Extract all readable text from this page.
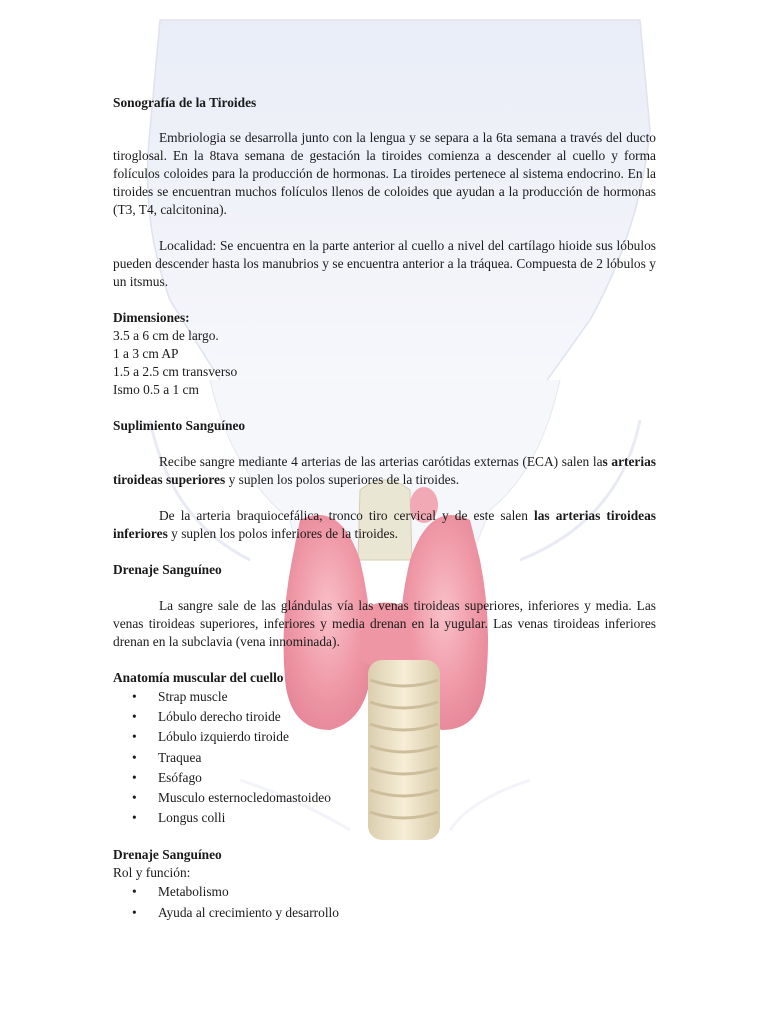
Sonografía de la Tiroides

Embriologia se desarrolla junto con la lengua y se separa a la 6ta semana a través del ducto tiroglosal. En la 8tava semana de gestación la tiroides comienza a descender al cuello y forma folículos coloides para la producción de hormonas. La tiroides pertenece al sistema endocrino. En la tiroides se encuentran muchos folículos llenos de coloides que ayudan a la producción de hormonas (T3, T4, calcitonina).

Localidad: Se encuentra en la parte anterior al cuello a nivel del cartílago hioide sus lóbulos pueden descender hasta los manubrios y se encuentra anterior a la tráquea. Compuesta de 2 lóbulos y un itsmus.

Dimensiones:

3.5 a 6 cm de largo.

1 a 3 cm AP

1.5 a 2.5 cm transverso

Ismo 0.5 a 1 cm

Suplimiento Sanguíneo

Recibe sangre mediante 4 arterias de las arterias carótidas externas (ECA) salen las arterias tiroideas superiores y suplen los polos superiores de la tiroides.

De la arteria braquiocefálica, tronco tiro cervical y de este salen las arterias tiroideas inferiores y suplen los polos inferiores de la tiroides.

Drenaje Sanguíneo

La sangre sale de las glándulas vía las venas tiroideas superiores, inferiores y media. Las venas tiroideas superiores, inferiores y media drenan en la yugular. Las venas tiroideas inferiores drenan en la subclavia (vena innominada).

Anatomía muscular del cuello

• Strap muscle
• Lóbulo derecho tiroide
• Lóbulo izquierdo tiroide
• Traquea
• Esófago
• Musculo esternocledomastoideo
• Longus colli

Drenaje Sanguíneo

Rol y función:

• Metabolismo
• Ayuda al crecimiento y desarrollo
